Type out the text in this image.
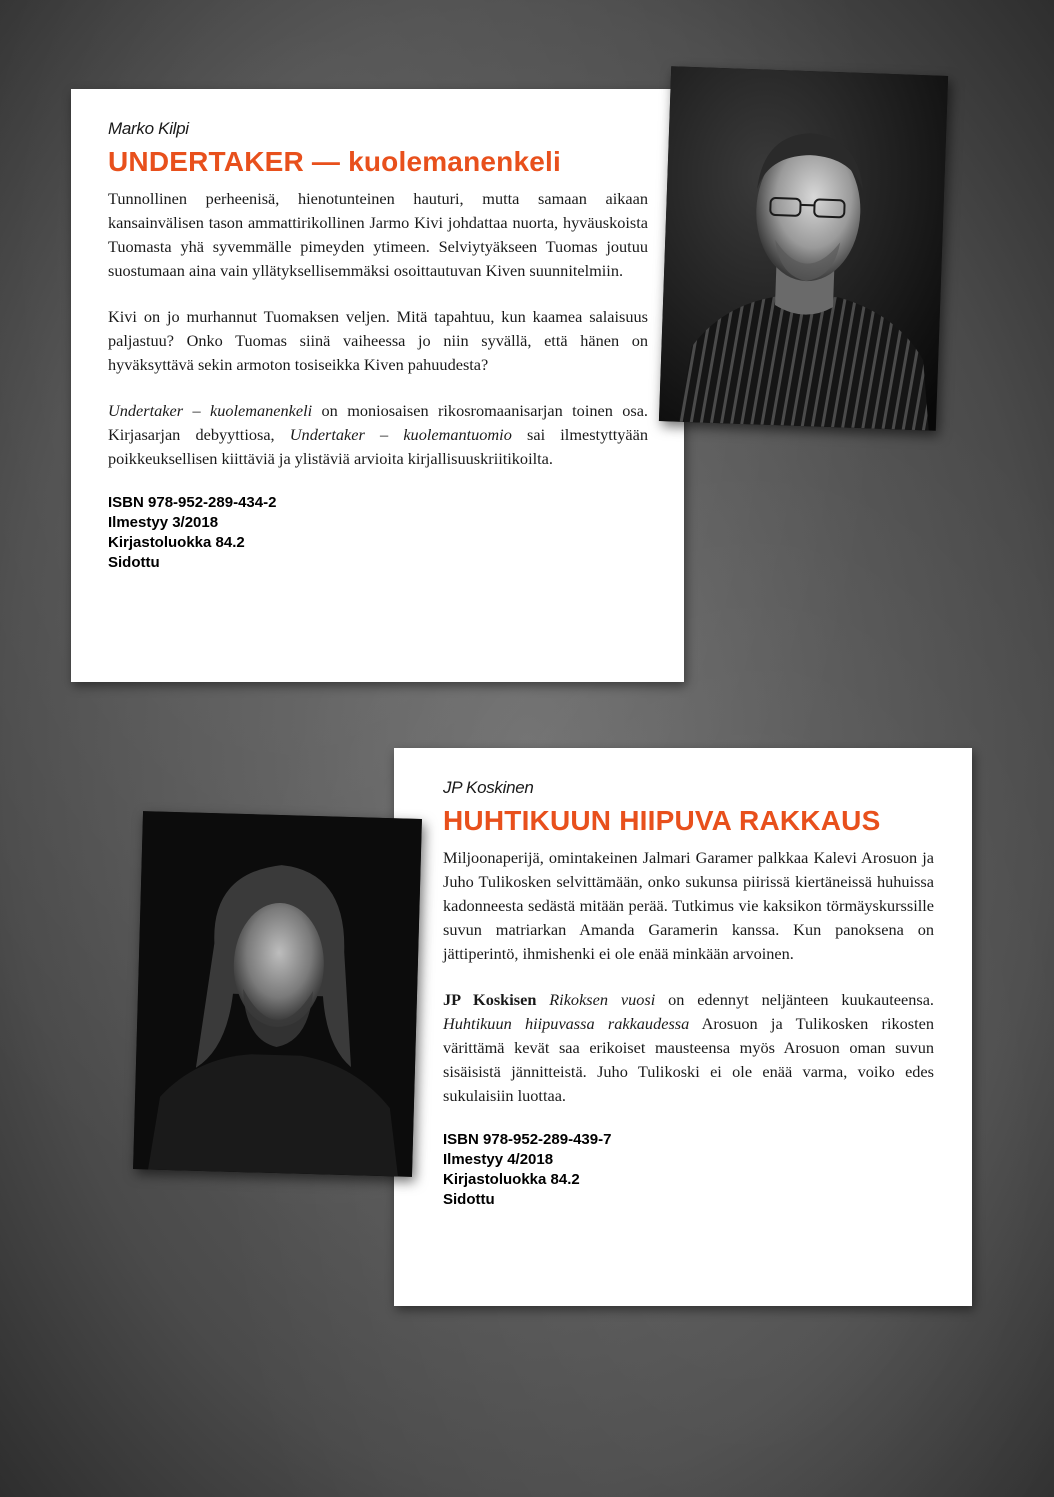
Marko Kilpi

UNDERTAKER — kuolemanenkeli

Tunnollinen perheenisä, hienotunteinen hauturi, mutta samaan aikaan kansainvälisen tason ammattirikollinen Jarmo Kivi johdattaa nuorta, hyväuskoista Tuomasta yhä syvemmälle pimeyden ytimeen. Selviytyäkseen Tuomas joutuu suostumaan aina vain yllätyksellisemmäksi osoittautuvan Kiven suunnitelmiin.

Kivi on jo murhannut Tuomaksen veljen. Mitä tapahtuu, kun kaamea salaisuus paljastuu? Onko Tuomas siinä vaiheessa jo niin syvällä, että hänen on hyväksyttävä sekin armoton tosiseikka Kiven pahuudesta?

Undertaker – kuolemanenkeli on moniosaisen rikosromaanisarjan toinen osa. Kirjasarjan debyyttiosa, Undertaker – kuolemantuomio sai ilmestyttyään poikkeuksellisen kiittäviä ja ylistäviä arvioita kirjallisuuskriitikoilta.

ISBN 978-952-289-434-2
Ilmestyy 3/2018
Kirjastoluokka 84.2
Sidottu

JP Koskinen

HUHTIKUUN HIIPUVA RAKKAUS

Miljoonaperijä, omintakeinen Jalmari Garamer palkkaa Kalevi Arosuon ja Juho Tulikosken selvittämään, onko sukunsa piirissä kiertäneissä huhuissa kadonneesta sedästä mitään perää. Tutkimus vie kaksikon törmäyskurssille suvun matriarkan Amanda Garamerin kanssa. Kun panoksena on jättiperintö, ihmishenki ei ole enää minkään arvoinen.

JP Koskisen Rikoksen vuosi on edennyt neljänteen kuukauteensa. Huhtikuun hiipuvassa rakkaudessa Arosuon ja Tulikosken rikosten värittämä kevät saa erikoiset mausteensa myös Arosuon oman suvun sisäisistä jännitteistä. Juho Tulikoski ei ole enää varma, voiko edes sukulaisiin luottaa.

ISBN 978-952-289-439-7
Ilmestyy 4/2018
Kirjastoluokka 84.2
Sidottu
